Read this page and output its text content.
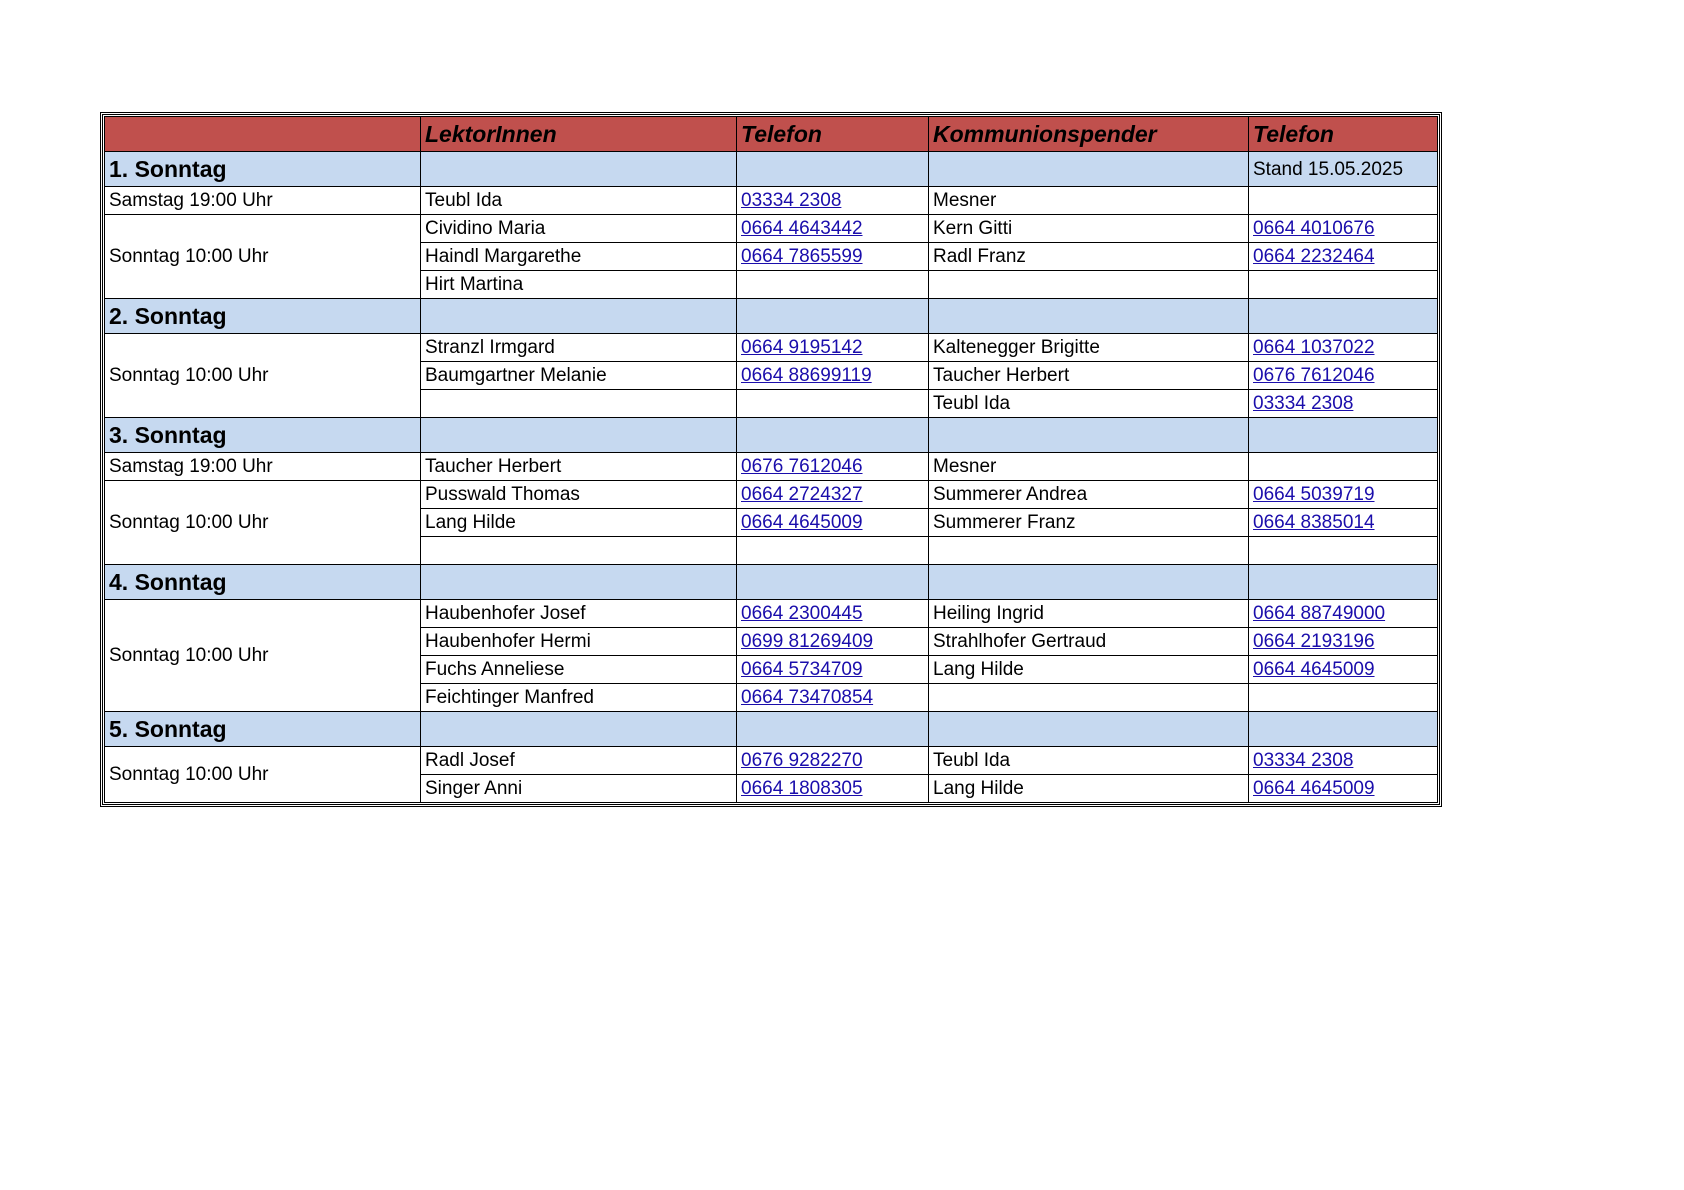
	LektorInnen	Telefon	Kommunionspender	Telefon
1. Sonntag				Stand 15.05.2025
Samstag 19:00 Uhr	Teubl Ida	03334 2308	Mesner	
Sonntag 10:00 Uhr	Cividino Maria	0664 4643442	Kern Gitti	0664 4010676
	Haindl Margarethe	0664 7865599	Radl Franz	0664 2232464
	Hirt Martina			
2. Sonntag				
Sonntag 10:00 Uhr	Stranzl Irmgard	0664 9195142	Kaltenegger Brigitte	0664 1037022
	Baumgartner Melanie	0664 88699119	Taucher Herbert	0676 7612046
			Teubl Ida	03334 2308
3. Sonntag				
Samstag 19:00 Uhr	Taucher Herbert	0676 7612046	Mesner	
Sonntag 10:00 Uhr	Pusswald Thomas	0664 2724327	Summerer Andrea	0664 5039719
	Lang Hilde	0664 4645009	Summerer Franz	0664 8385014

4. Sonntag				
Sonntag 10:00 Uhr	Haubenhofer Josef	0664 2300445	Heiling Ingrid	0664 88749000
	Haubenhofer Hermi	0699 81269409	Strahlhofer Gertraud	0664 2193196
	Fuchs Anneliese	0664 5734709	Lang Hilde	0664 4645009
	Feichtinger Manfred	0664 73470854		
5. Sonntag				
Sonntag 10:00 Uhr	Radl Josef	0676 9282270	Teubl Ida	03334 2308
	Singer Anni	0664 1808305	Lang Hilde	0664 4645009
